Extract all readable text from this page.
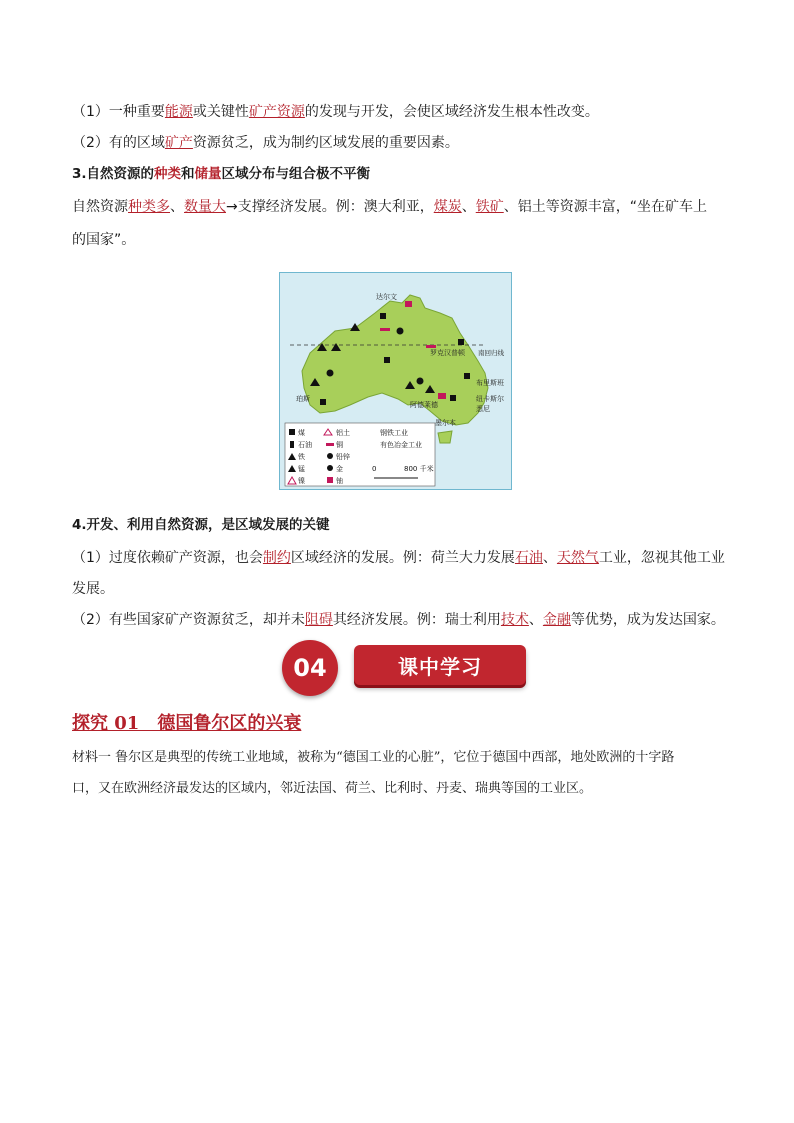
（1）一种重要能源或关键性矿产资源的发现与开发，会使区域经济发生根本性改变。
（2）有的区域矿产资源贫乏，成为制约区域发展的重要因素。
3.自然资源的种类和储量区域分布与组合极不平衡
自然资源种类多、数量大→支撑经济发展。例：澳大利亚，煤炭、铁矿、铝土等资源丰富，“坐在矿车上
的国家”。
达尔文
珀斯
阿德莱德
墨尔本
悉尼
布里斯班
纽卡斯尔
罗克汉普顿 南回归线
煤	铝土	钢铁工业
石油	铜	有色冶金工业
铁	铅锌
锰	金
镍	铀
0	800 千米
4.开发、利用自然资源，是区域发展的关键
（1）过度依赖矿产资源，也会制约区域经济的发展。例：荷兰大力发展石油、天然气工业，忽视其他工业
发展。
（2）有些国家矿产资源贫乏，却并未阻碍其经济发展。例：瑞士利用技术、金融等优势，成为发达国家。
04	课中学习
探究 01　德国鲁尔区的兴衰
材料一 鲁尔区是典型的传统工业地域，被称为“德国工业的心脏”，它位于德国中西部，地处欧洲的十字路
口，又在欧洲经济最发达的区域内，邻近法国、荷兰、比利时、丹麦、瑞典等国的工业区。
